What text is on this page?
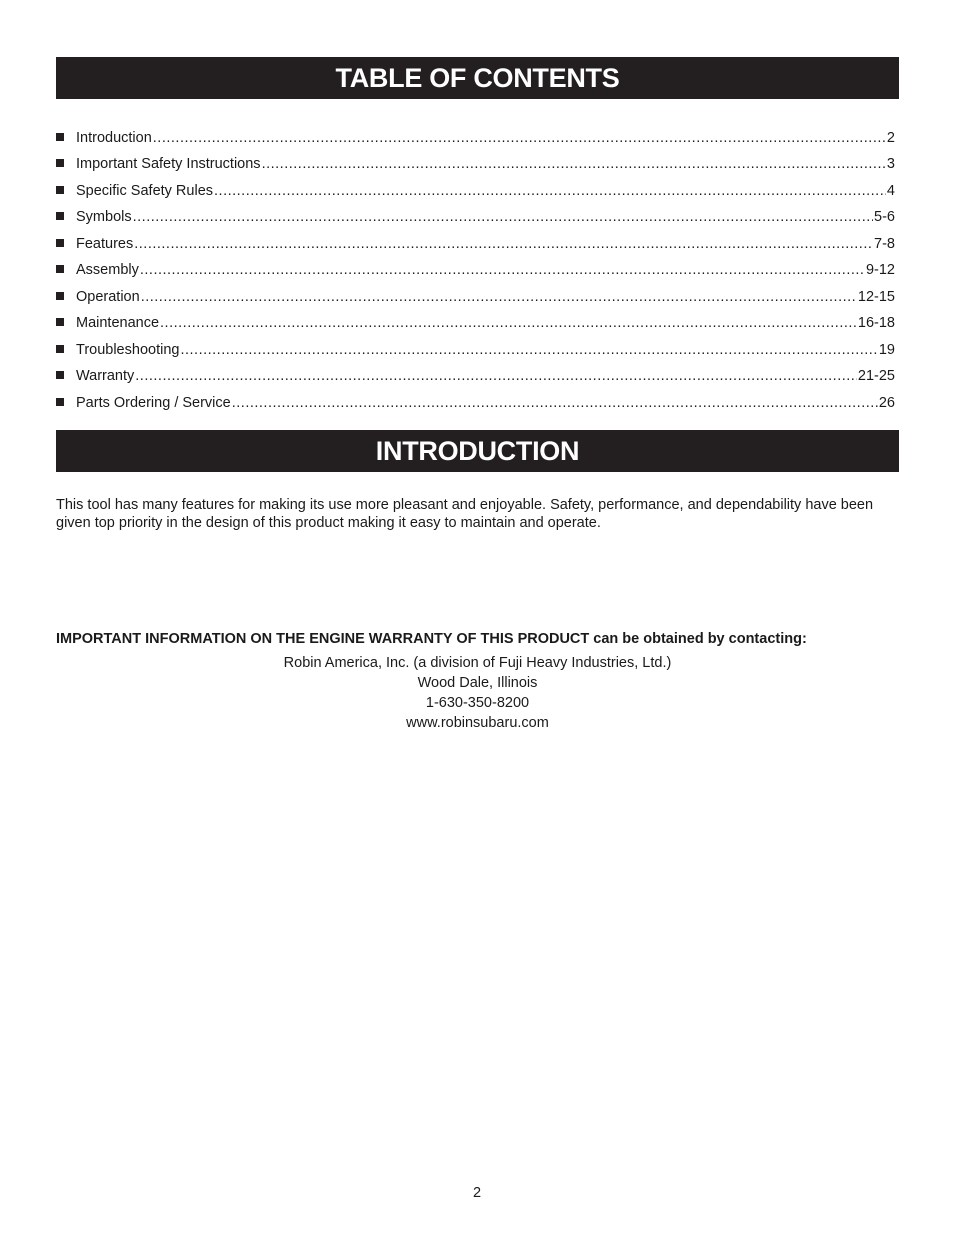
TABLE OF CONTENTS
Introduction .....	2
Important Safety Instructions .....	3
Specific Safety Rules .....	4
Symbols .....	5-6
Features .....	7-8
Assembly .....	9-12
Operation .....	12-15
Maintenance .....	16-18
Troubleshooting .....	19
Warranty .....	21-25
Parts Ordering / Service .....	26
INTRODUCTION

This tool has many features for making its use more pleasant and enjoyable. Safety, performance, and dependability have been given top priority in the design of this product making it easy to maintain and operate.

IMPORTANT INFORMATION ON THE ENGINE WARRANTY OF THIS PRODUCT can be obtained by contacting:
Robin America, Inc. (a division of Fuji Heavy Industries, Ltd.)
Wood Dale, Illinois
1-630-350-8200
www.robinsubaru.com
2
